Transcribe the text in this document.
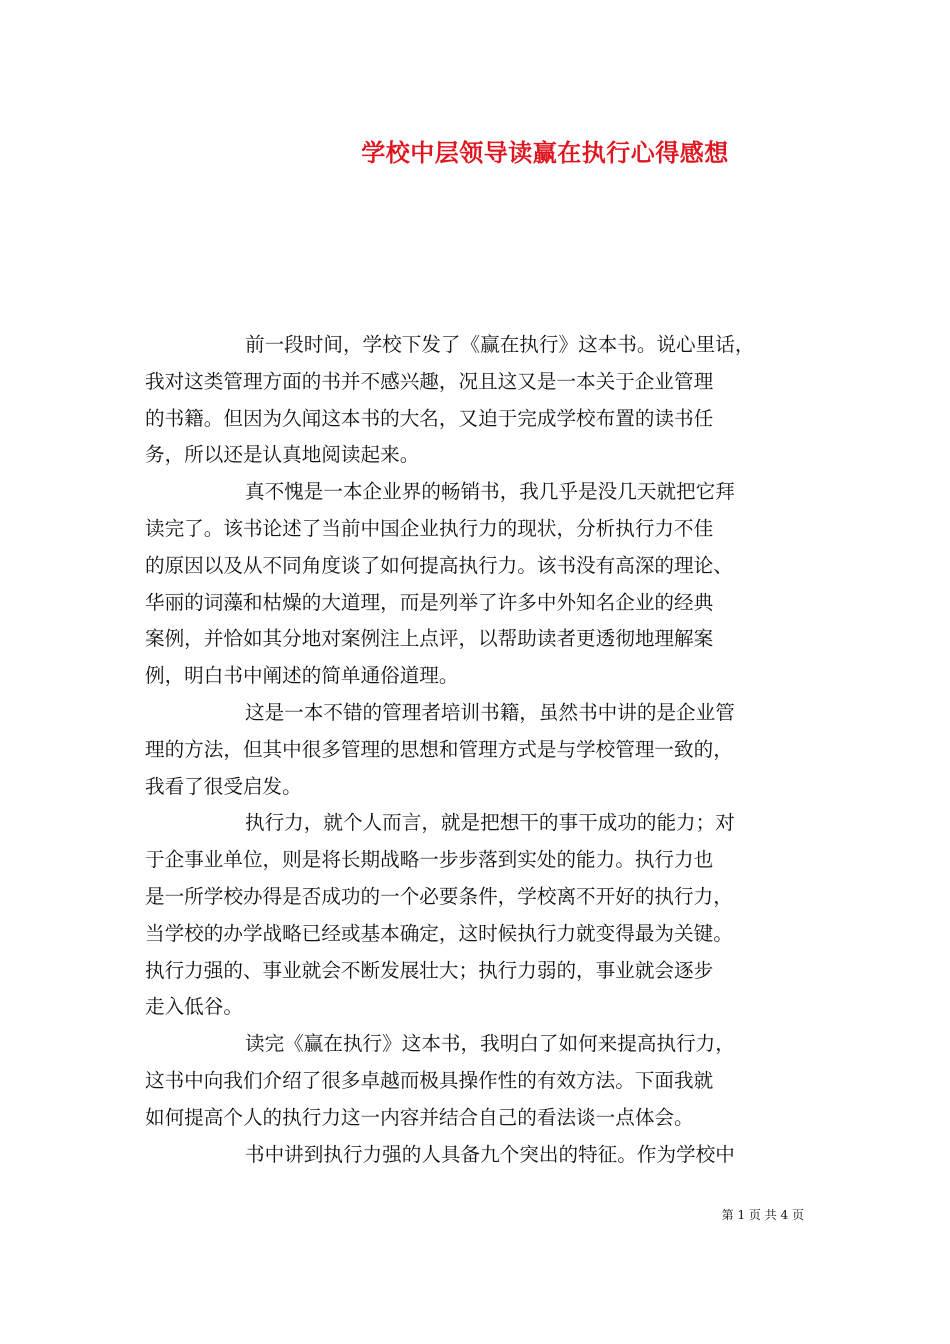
学校中层领导读赢在执行心得感想
前一段时间，学校下发了《赢在执行》这本书。说心里话，
我对这类管理方面的书并不感兴趣，况且这又是一本关于企业管理
的书籍。但因为久闻这本书的大名，又迫于完成学校布置的读书任
务，所以还是认真地阅读起来。
真不愧是一本企业界的畅销书，我几乎是没几天就把它拜
读完了。该书论述了当前中国企业执行力的现状，分析执行力不佳
的原因以及从不同角度谈了如何提高执行力。该书没有高深的理论、
华丽的词藻和枯燥的大道理，而是列举了许多中外知名企业的经典
案例，并恰如其分地对案例注上点评，以帮助读者更透彻地理解案
例，明白书中阐述的简单通俗道理。
这是一本不错的管理者培训书籍，虽然书中讲的是企业管
理的方法，但其中很多管理的思想和管理方式是与学校管理一致的，
我看了很受启发。
执行力，就个人而言，就是把想干的事干成功的能力；对
于企事业单位，则是将长期战略一步步落到实处的能力。执行力也
是一所学校办得是否成功的一个必要条件，学校离不开好的执行力，
当学校的办学战略已经或基本确定，这时候执行力就变得最为关键。
执行力强的、事业就会不断发展壮大；执行力弱的，事业就会逐步
走入低谷。
读完《赢在执行》这本书，我明白了如何来提高执行力，
这书中向我们介绍了很多卓越而极具操作性的有效方法。下面我就
如何提高个人的执行力这一内容并结合自己的看法谈一点体会。
书中讲到执行力强的人具备九个突出的特征。作为学校中
第 1 页 共 4 页
